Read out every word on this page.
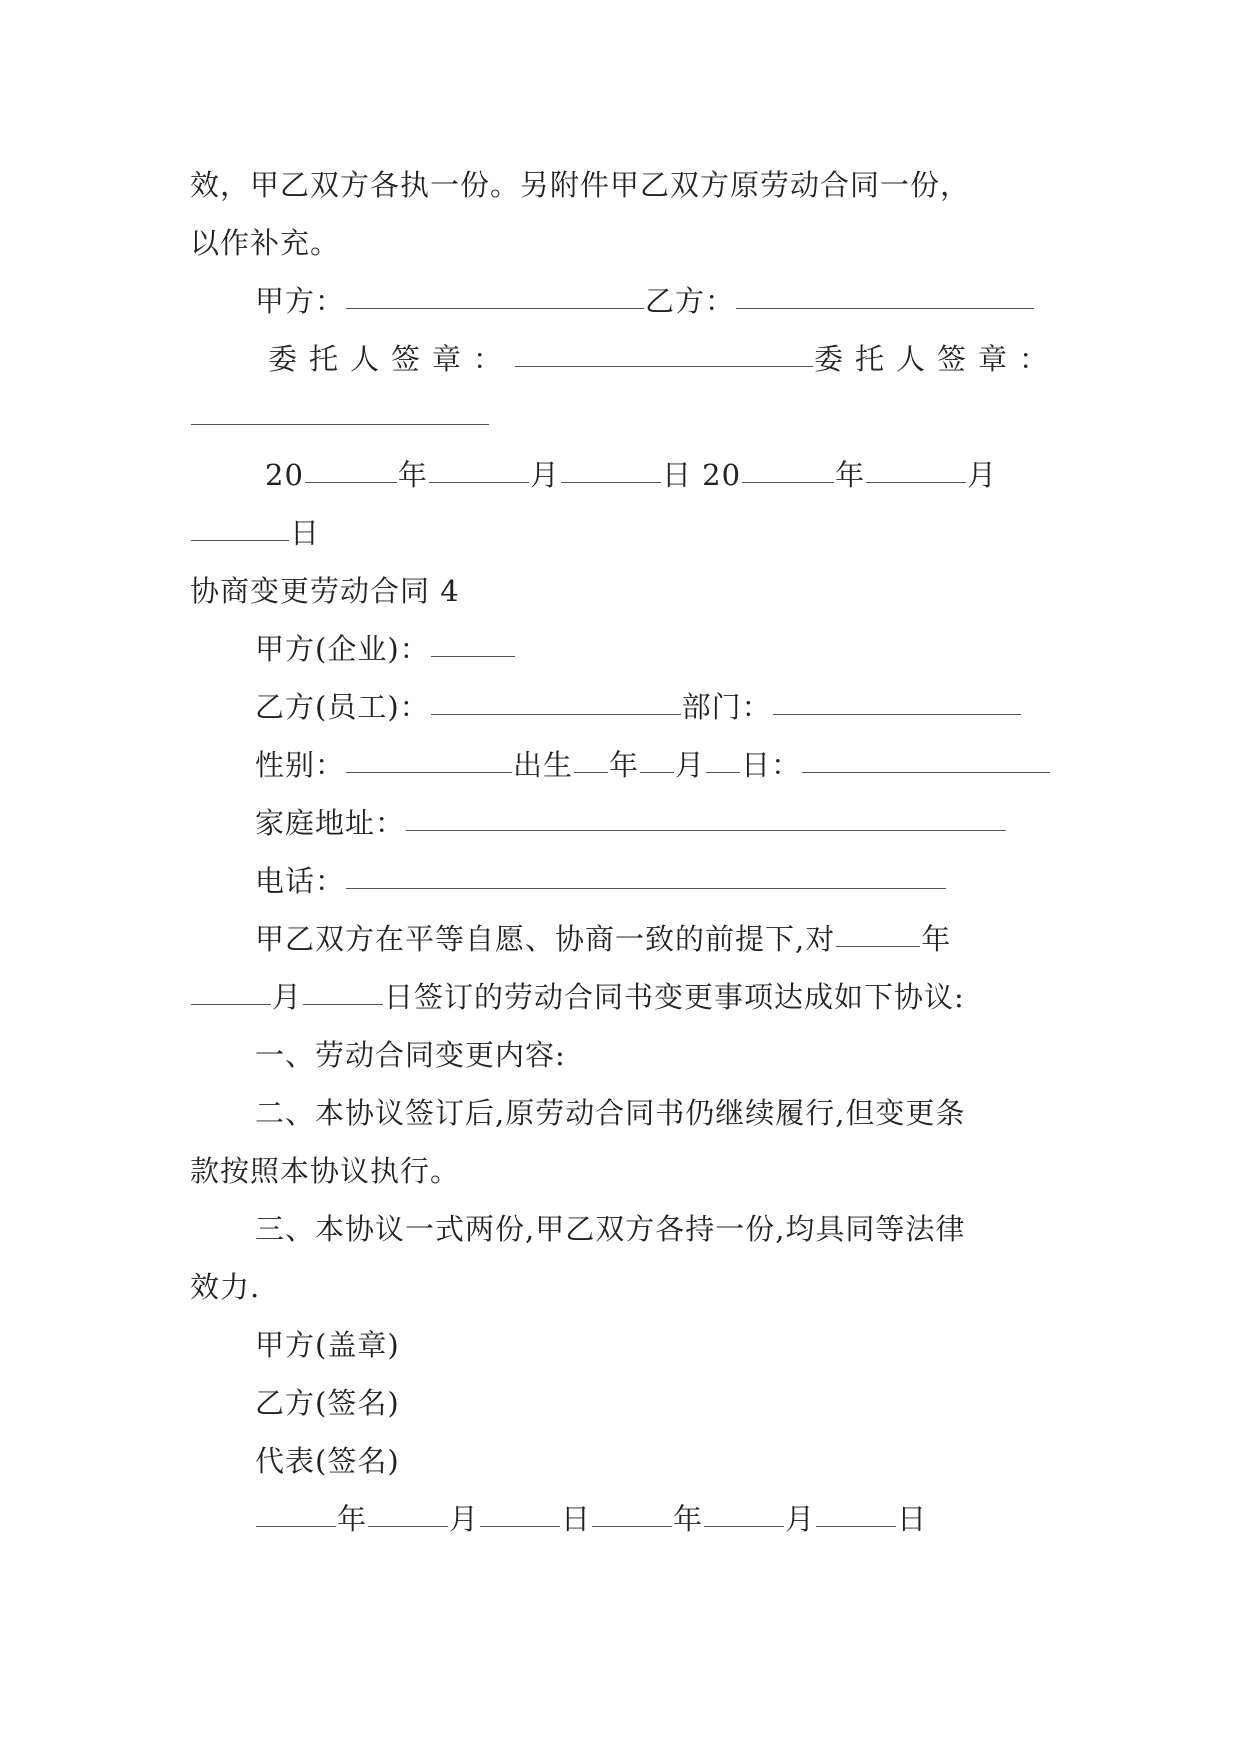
效，甲乙双方各执一份。另附件甲乙双方原劳动合同一份，
以作补充。
甲方：	乙方：
委托人签章：	委托人签章：
20	年	月	日 20	年	月
日
协商变更劳动合同 4
甲方(企业)：
乙方(员工)：	部门：
性别：	出生 年 月 日：
家庭地址：
电话：
甲乙双方在平等自愿、协商一致的前提下,对	年
月	日签订的劳动合同书变更事项达成如下协议:
一、劳动合同变更内容:
二、本协议签订后,原劳动合同书仍继续履行,但变更条
款按照本协议执行。
三、本协议一式两份,甲乙双方各持一份,均具同等法律
效力.
甲方(盖章)
乙方(签名)
代表(签名)
年	月	日	年	月	日
